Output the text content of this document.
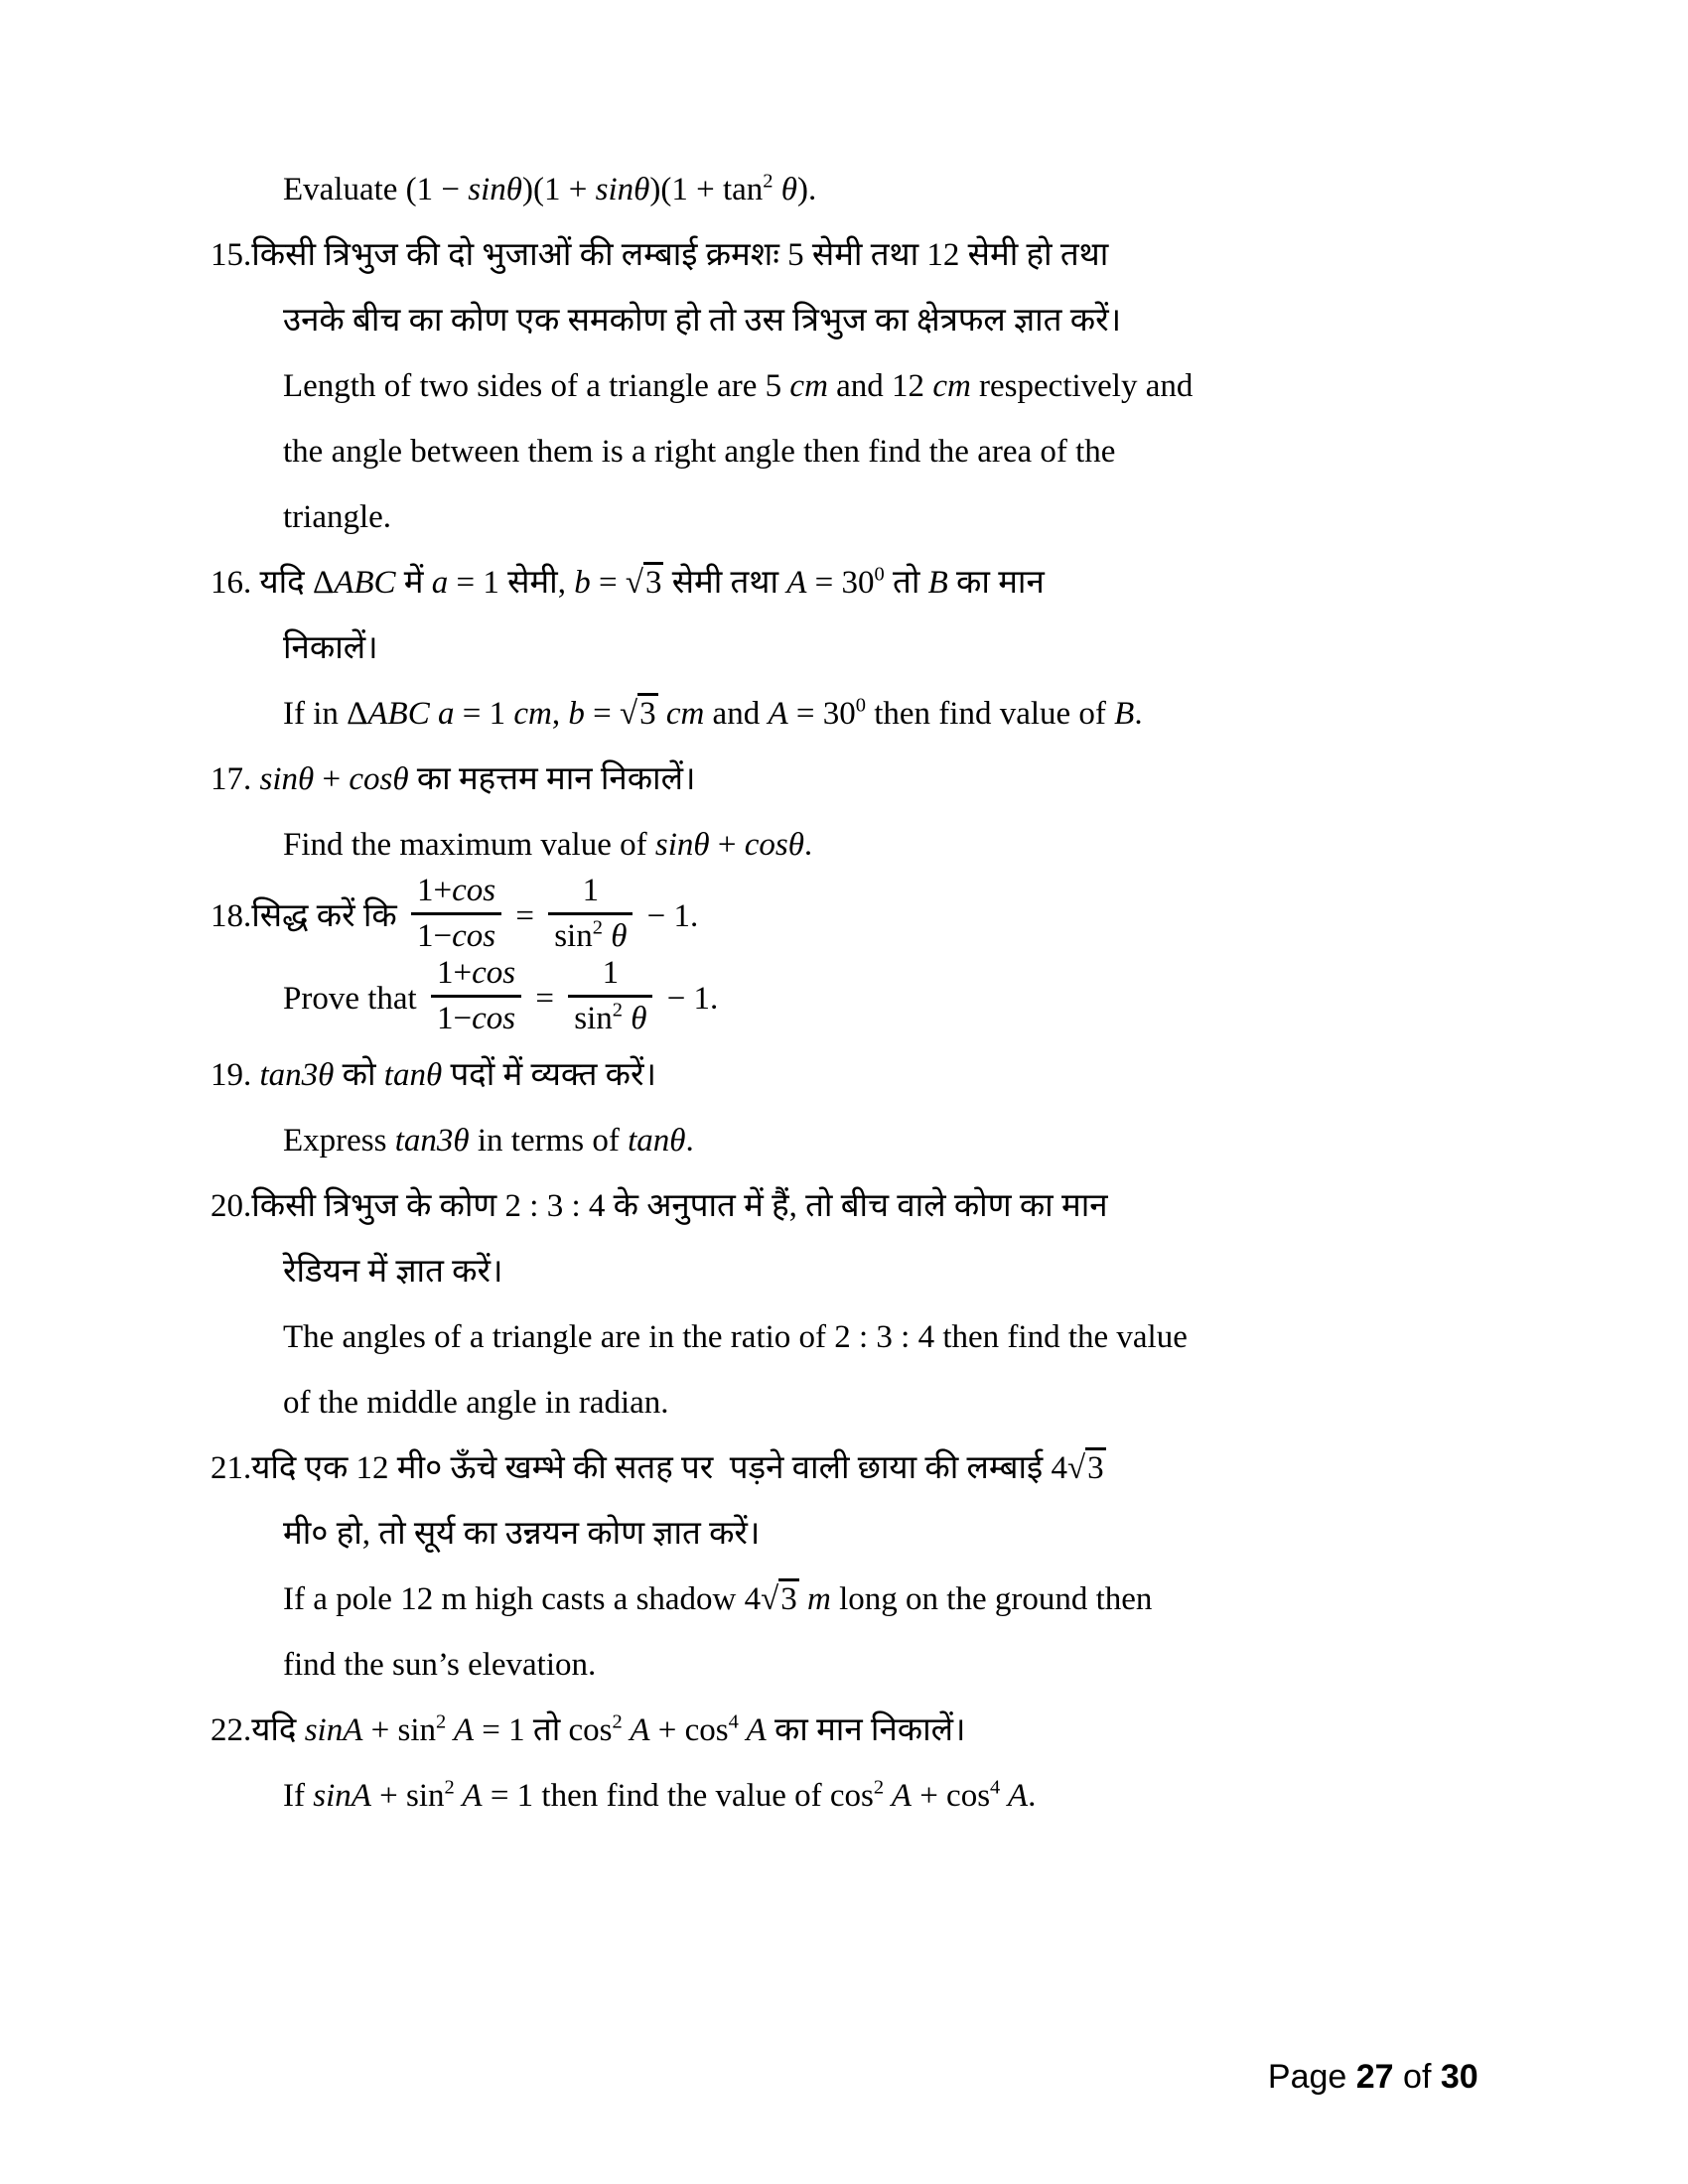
Evaluate $(1 - \sin\theta)(1 + \sin\theta)(1 + \tan^2 \theta)$.
15.किसी त्रिभुज की दो भुजाओं की लम्बाई क्रमशः 5 सेमी तथा 12 सेमी हो तथा
उनके बीच का कोण एक समकोण हो तो उस त्रिभुज का क्षेत्रफल ज्ञात करें।
Length of two sides of a triangle are 5 cm and 12 cm respectively and
the angle between them is a right angle then find the area of the
triangle.
16. यदि ΔABC में a = 1 सेमी, b = √3 सेमी तथा $A = 30^0$ तो B का मान
निकालें।
If in ΔABC a = 1 cm, b = √3 cm and $A = 30^0$ then find value of B.
17. sinθ + cosθ का महत्तम मान निकालें।
Find the maximum value of sinθ + cosθ.
18.सिद्ध करें कि $\frac{1+\cos}{1-\cos} = \frac{1}{\sin^2 \theta} - 1$.
Prove that $\frac{1+\cos}{1-\cos} = \frac{1}{\sin^2 \theta} - 1$.
19. tan3θ को tanθ पदों में व्यक्त करें।
Express tan3θ in terms of tanθ.
20.किसी त्रिभुज के कोण 2 : 3 : 4 के अनुपात में हैं, तो बीच वाले कोण का मान
रेडियन में ज्ञात करें।
The angles of a triangle are in the ratio of 2 : 3 : 4 then find the value
of the middle angle in radian.
21.यदि एक 12 मी० ऊँचे खम्भे की सतह पर  पड़ने वाली छाया की लम्बाई 4√3
मी० हो, तो सूर्य का उन्नयन कोण ज्ञात करें।
If a pole 12 m high casts a shadow 4√3 m long on the ground then
find the sun’s elevation.
22.यदि $\sin A + \sin^2 A = 1$ तो $\cos^2 A + \cos^4 A$ का मान निकालें।
If $\sin A + \sin^2 A = 1$ then find the value of $\cos^2 A + \cos^4 A$.

Page 27 of 30
